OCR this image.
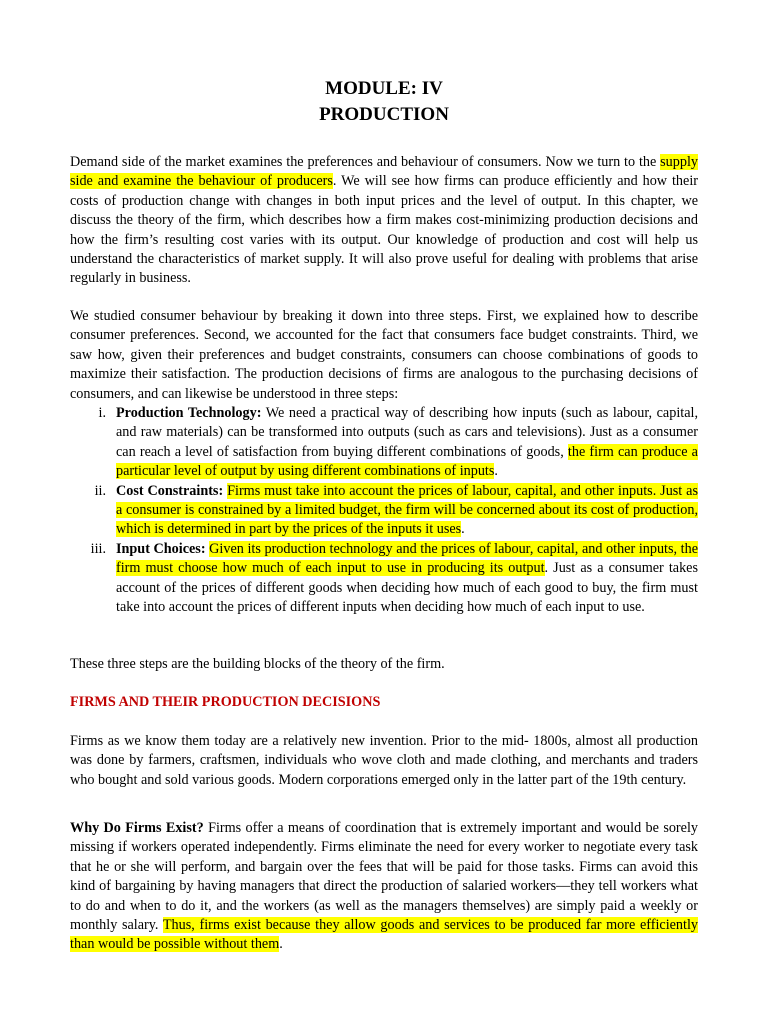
MODULE: IV
PRODUCTION
Demand side of the market examines the preferences and behaviour of consumers. Now we turn to the supply side and examine the behaviour of producers. We will see how firms can produce efficiently and how their costs of production change with changes in both input prices and the level of output. In this chapter, we discuss the theory of the firm, which describes how a firm makes cost-minimizing production decisions and how the firm’s resulting cost varies with its output. Our knowledge of production and cost will help us understand the characteristics of market supply. It will also prove useful for dealing with problems that arise regularly in business.
We studied consumer behaviour by breaking it down into three steps. First, we explained how to describe consumer preferences. Second, we accounted for the fact that consumers face budget constraints. Third, we saw how, given their preferences and budget constraints, consumers can choose combinations of goods to maximize their satisfaction. The production decisions of firms are analogous to the purchasing decisions of consumers, and can likewise be understood in three steps:
i. Production Technology: We need a practical way of describing how inputs (such as labour, capital, and raw materials) can be transformed into outputs (such as cars and televisions). Just as a consumer can reach a level of satisfaction from buying different combinations of goods, the firm can produce a particular level of output by using different combinations of inputs.
ii. Cost Constraints: Firms must take into account the prices of labour, capital, and other inputs. Just as a consumer is constrained by a limited budget, the firm will be concerned about its cost of production, which is determined in part by the prices of the inputs it uses.
iii. Input Choices: Given its production technology and the prices of labour, capital, and other inputs, the firm must choose how much of each input to use in producing its output. Just as a consumer takes account of the prices of different goods when deciding how much of each good to buy, the firm must take into account the prices of different inputs when deciding how much of each input to use.
These three steps are the building blocks of the theory of the firm.
FIRMS AND THEIR PRODUCTION DECISIONS
Firms as we know them today are a relatively new invention. Prior to the mid- 1800s, almost all production was done by farmers, craftsmen, individuals who wove cloth and made clothing, and merchants and traders who bought and sold various goods. Modern corporations emerged only in the latter part of the 19th century.
Why Do Firms Exist? Firms offer a means of coordination that is extremely important and would be sorely missing if workers operated independently. Firms eliminate the need for every worker to negotiate every task that he or she will perform, and bargain over the fees that will be paid for those tasks. Firms can avoid this kind of bargaining by having managers that direct the production of salaried workers—they tell workers what to do and when to do it, and the workers (as well as the managers themselves) are simply paid a weekly or monthly salary. Thus, firms exist because they allow goods and services to be produced far more efficiently than would be possible without them.
